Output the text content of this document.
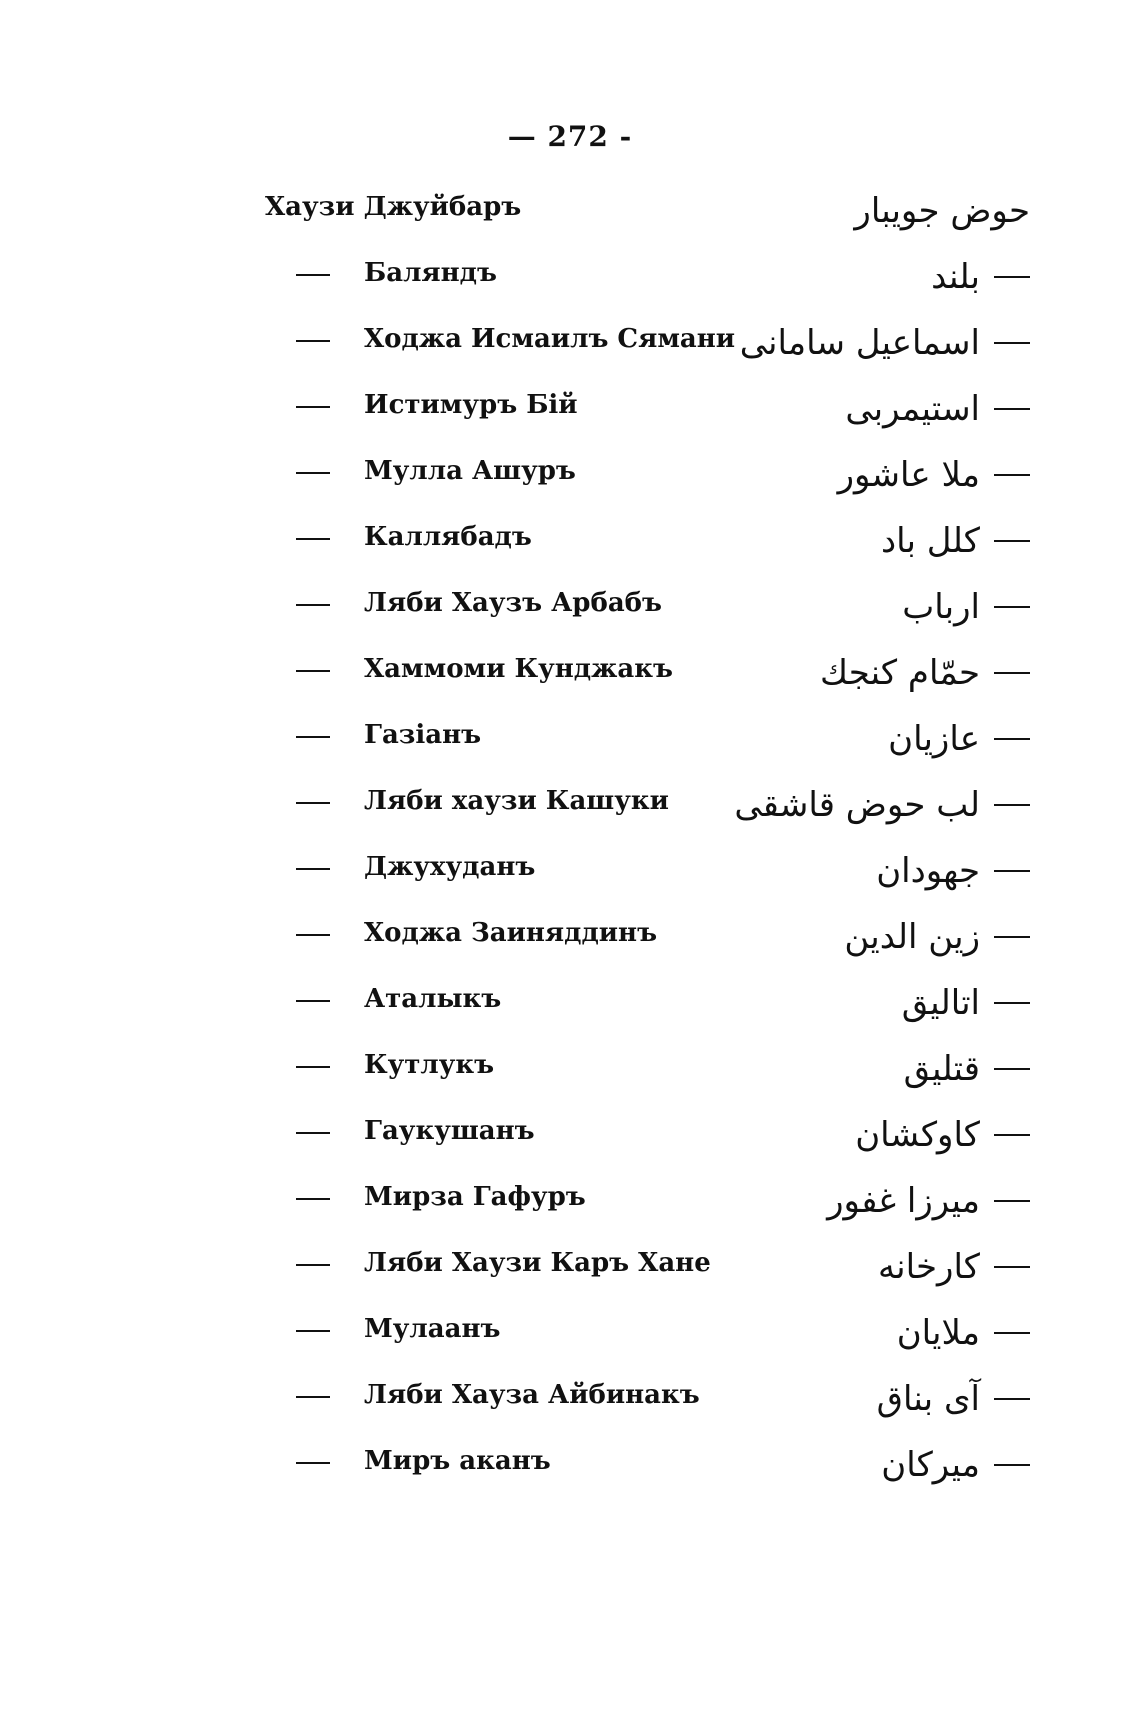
— 272 -
Хаузи Джуйбаръ	حوض جویبار
Баляндъ	بلند
Ходжа Исмаилъ Сямани اسماعیل سامانی
Истимуръ Бій	استیمربی
Мулла Ашуръ	ملا عاشور
Каллябадъ	کلل باد
Ляби Хаузъ Арбабъ	ارباب
Хаммоми Кунджакъ	حمّام کنجك
Газіанъ	عازیان
Ляби хаузи Кашуки لب حوض قاشقی
Джухуданъ	جهودان
Ходжа Заиняддинъ	زین الدین
Аталыкъ	اتالیق
Кутлукъ	قتلیق
Гаукушанъ	کاوکشان
Мирза Гафуръ	میرزا غفور
Ляби Хаузи Каръ Хане	کارخانه
Мулаанъ	ملایان
Ляби Хауза Айбинакъ	آی بناق
Миръ аканъ	میرکان
